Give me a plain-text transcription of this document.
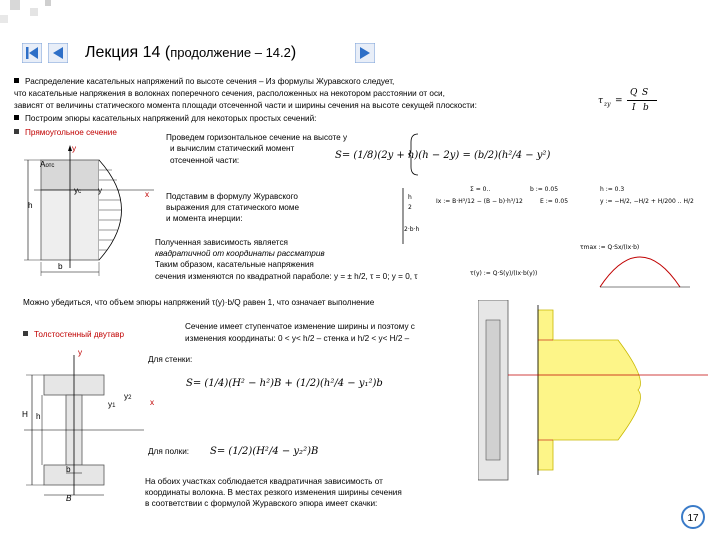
Лекция 14 (продолжение – 14.2)
Распределение касательных напряжений по высоте сечения – Из формулы Журавского следует,
что касательные напряжения в волокнах поперечного сечения, расположенных на некотором расстоянии от оси,
зависят от величины статического момента площади отсеченной части и ширины сечения на высоте секущей плоскости:
Построим эпюры касательных напряжений для некоторых простых сечений:
Прямоугольное сечение
τ zy =
Q S
I b
y
Aотс
yc y	x
h
b
Проведем горизонтальное сечение на высоте y
и вычислим статический момент
отсеченной части:	S= (1/8)(2y + h)(h − 2y) = (b/2)(h²/4 − y²)
Подставим в формулу Журавского
выражения для статического моме
и момента инерции:
Σ = 0..	b := 0.05	h := 0.3
h
2
Ix := B·H³/12 − (B − b)·h³/12	E := 0.05	y := −H/2, −H/2 + H/200 .. H/2
2·b·h
τmax := Q·Sx/(Ix·b)
τ(y) := Q·S(y)/(Ix·b(y))
Полученная зависимость является
квадратичной от координаты рассматрив
Таким образом, касательные напряжения
сечения изменяются по квадратной параболе: y = ± h/2, τ = 0; y = 0, τ
Можно убедиться, что объем эпюры напряжений τ(y)·b/Q равен 1, что означает выполнение
Толстостенный двутавр
Сечение имеет ступенчатое изменение ширины и поэтому с
изменения координаты: 0 < y< h/2 – стенка и h/2 < y< H/2 –
Для стенки:
S= (1/4)(H² − h²)B + (1/2)(h²/4 − y₁²)b
Для полки: S= (1/2)(H²/4 − y₂²)B
На обоих участках соблюдается квадратичная зависимость от
координаты волокна. В местах резкого изменения ширины сечения
в соответствии с формулой Журавского эпюра имеет скачки:
y
y1
y2 x
H h
b
B
17
